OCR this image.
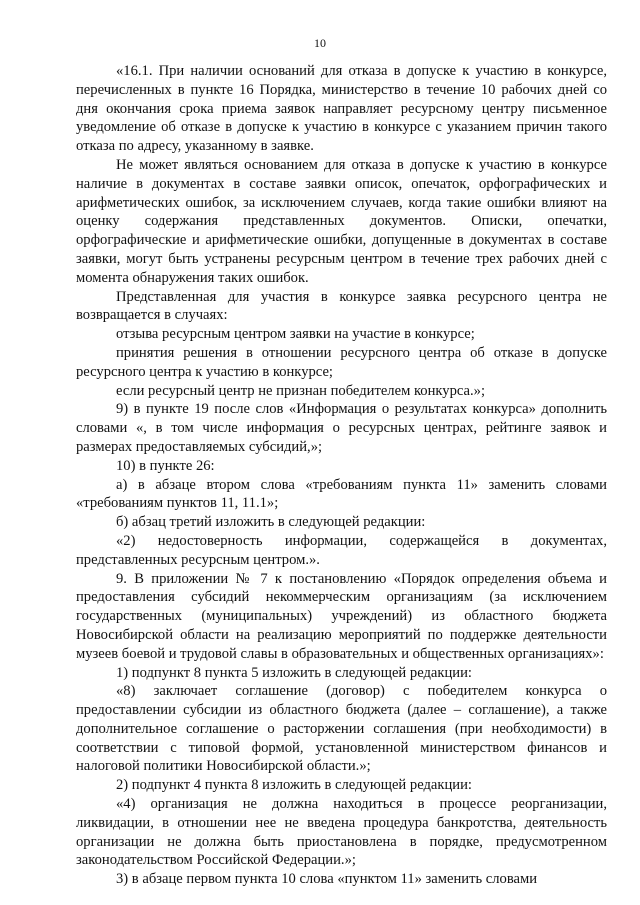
10

«16.1. При наличии оснований для отказа в допуске к участию в конкурсе, перечисленных в пункте 16 Порядка, министерство в течение 10 рабочих дней со дня окончания срока приема заявок направляет ресурсному центру письменное уведомление об отказе в допуске к участию в конкурсе с указанием причин такого отказа по адресу, указанному в заявке.

Не может являться основанием для отказа в допуске к участию в конкурсе наличие в документах в составе заявки описок, опечаток, орфографических и арифметических ошибок, за исключением случаев, когда такие ошибки влияют на оценку содержания представленных документов. Описки, опечатки, орфографические и арифметические ошибки, допущенные в документах в составе заявки, могут быть устранены ресурсным центром в течение трех рабочих дней с момента обнаружения таких ошибок.

Представленная для участия в конкурсе заявка ресурсного центра не возвращается в случаях:

отзыва ресурсным центром заявки на участие в конкурсе;

принятия решения в отношении ресурсного центра об отказе в допуске ресурсного центра к участию в конкурсе;

если ресурсный центр не признан победителем конкурса.»;

9) в пункте 19 после слов «Информация о результатах конкурса» дополнить словами «, в том числе информация о ресурсных центрах, рейтинге заявок и размерах предоставляемых субсидий,»;

10) в пункте 26:

а) в абзаце втором слова «требованиям пункта 11» заменить словами «требованиям пунктов 11, 11.1»;

б) абзац третий изложить в следующей редакции:

«2) недостоверность информации, содержащейся в документах, представленных ресурсным центром.».

9. В приложении № 7 к постановлению «Порядок определения объема и предоставления субсидий некоммерческим организациям (за исключением государственных (муниципальных) учреждений) из областного бюджета Новосибирской области на реализацию мероприятий по поддержке деятельности музеев боевой и трудовой славы в образовательных и общественных организациях»:

1) подпункт 8 пункта 5 изложить в следующей редакции:

«8) заключает соглашение (договор) с победителем конкурса о предоставлении субсидии из областного бюджета (далее – соглашение), а также дополнительное соглашение о расторжении соглашения (при необходимости) в соответствии с типовой формой, установленной министерством финансов и налоговой политики Новосибирской области.»;

2) подпункт 4 пункта 8 изложить в следующей редакции:

«4) организация не должна находиться в процессе реорганизации, ликвидации, в отношении нее не введена процедура банкротства, деятельность организации не должна быть приостановлена в порядке, предусмотренном законодательством Российской Федерации.»;

3) в абзаце первом пункта 10 слова «пунктом 11» заменить словами
